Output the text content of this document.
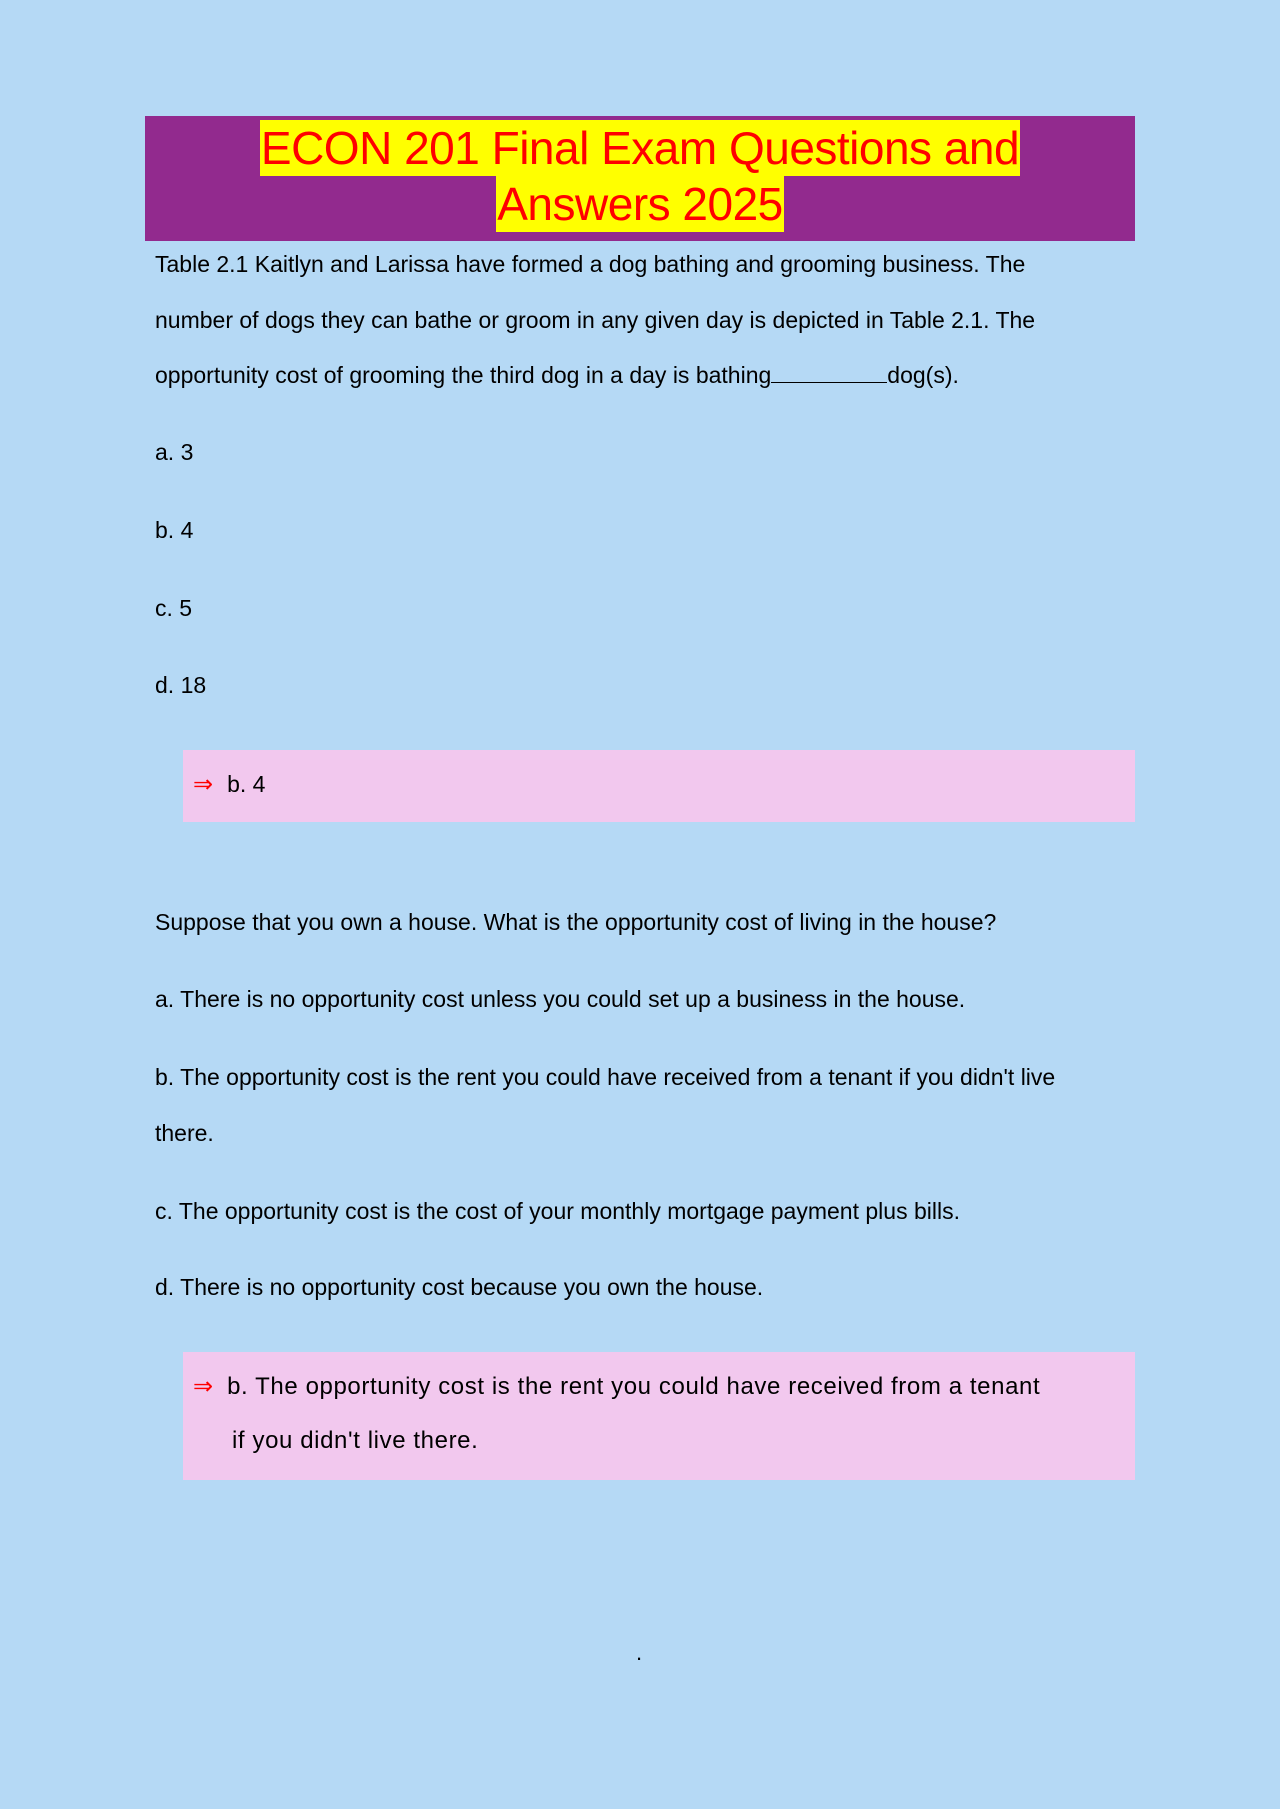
ECON 201 Final Exam Questions and
Answers 2025
Table 2.1 Kaitlyn and Larissa have formed a dog bathing and grooming business. The
number of dogs they can bathe or groom in any given day is depicted in Table 2.1. The
opportunity cost of grooming the third dog in a day is bathing	dog(s).
a. 3
b. 4
c. 5
d. 18
⇒ b. 4
Suppose that you own a house. What is the opportunity cost of living in the house?
a. There is no opportunity cost unless you could set up a business in the house.
b. The opportunity cost is the rent you could have received from a tenant if you didn't live
there.
c. The opportunity cost is the cost of your monthly mortgage payment plus bills.
d. There is no opportunity cost because you own the house.
⇒ b. The opportunity cost is the rent you could have received from a tenant
if you didn't live there.
.
